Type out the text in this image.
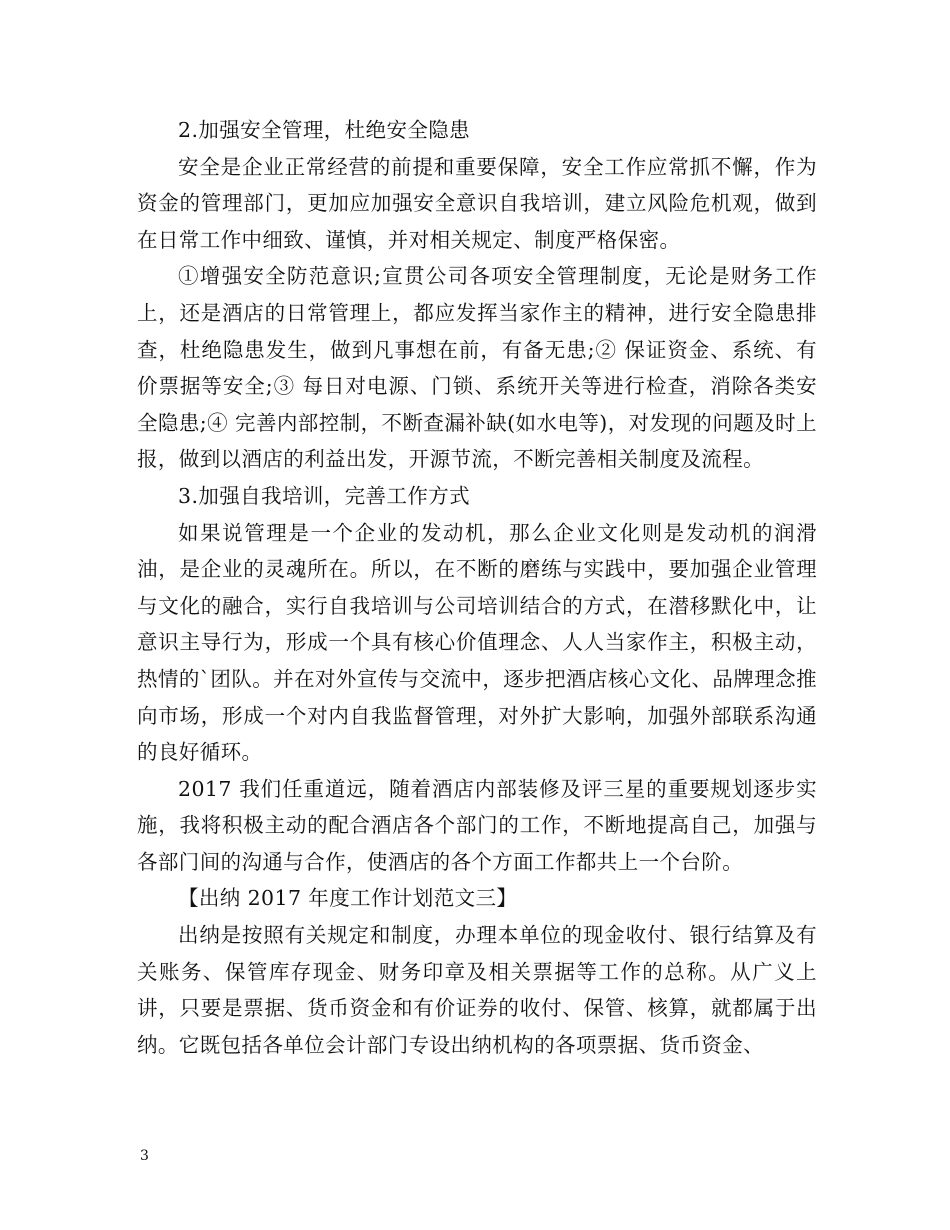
2.加强安全管理，杜绝安全隐患

安全是企业正常经营的前提和重要保障，安全工作应常抓不懈，作为资金的管理部门，更加应加强安全意识自我培训，建立风险危机观，做到在日常工作中细致、谨慎，并对相关规定、制度严格保密。

①增强安全防范意识;宣贯公司各项安全管理制度，无论是财务工作上，还是酒店的日常管理上，都应发挥当家作主的精神，进行安全隐患排查，杜绝隐患发生，做到凡事想在前，有备无患;② 保证资金、系统、有价票据等安全;③ 每日对电源、门锁、系统开关等进行检查，消除各类安全隐患;④ 完善内部控制，不断查漏补缺(如水电等)，对发现的问题及时上报，做到以酒店的利益出发，开源节流，不断完善相关制度及流程。

3.加强自我培训，完善工作方式

如果说管理是一个企业的发动机，那么企业文化则是发动机的润滑油，是企业的灵魂所在。所以，在不断的磨练与实践中，要加强企业管理与文化的融合，实行自我培训与公司培训结合的方式，在潜移默化中，让意识主导行为，形成一个具有核心价值理念、人人当家作主，积极主动，热情的`团队。并在对外宣传与交流中，逐步把酒店核心文化、品牌理念推向市场，形成一个对内自我监督管理，对外扩大影响，加强外部联系沟通的良好循环。

2017 我们任重道远，随着酒店内部装修及评三星的重要规划逐步实施，我将积极主动的配合酒店各个部门的工作，不断地提高自己，加强与各部门间的沟通与合作，使酒店的各个方面工作都共上一个台阶。

【出纳 2017 年度工作计划范文三】

出纳是按照有关规定和制度，办理本单位的现金收付、银行结算及有关账务、保管库存现金、财务印章及相关票据等工作的总称。从广义上讲，只要是票据、货币资金和有价证券的收付、保管、核算，就都属于出纳。它既包括各单位会计部门专设出纳机构的各项票据、货币资金、

3
